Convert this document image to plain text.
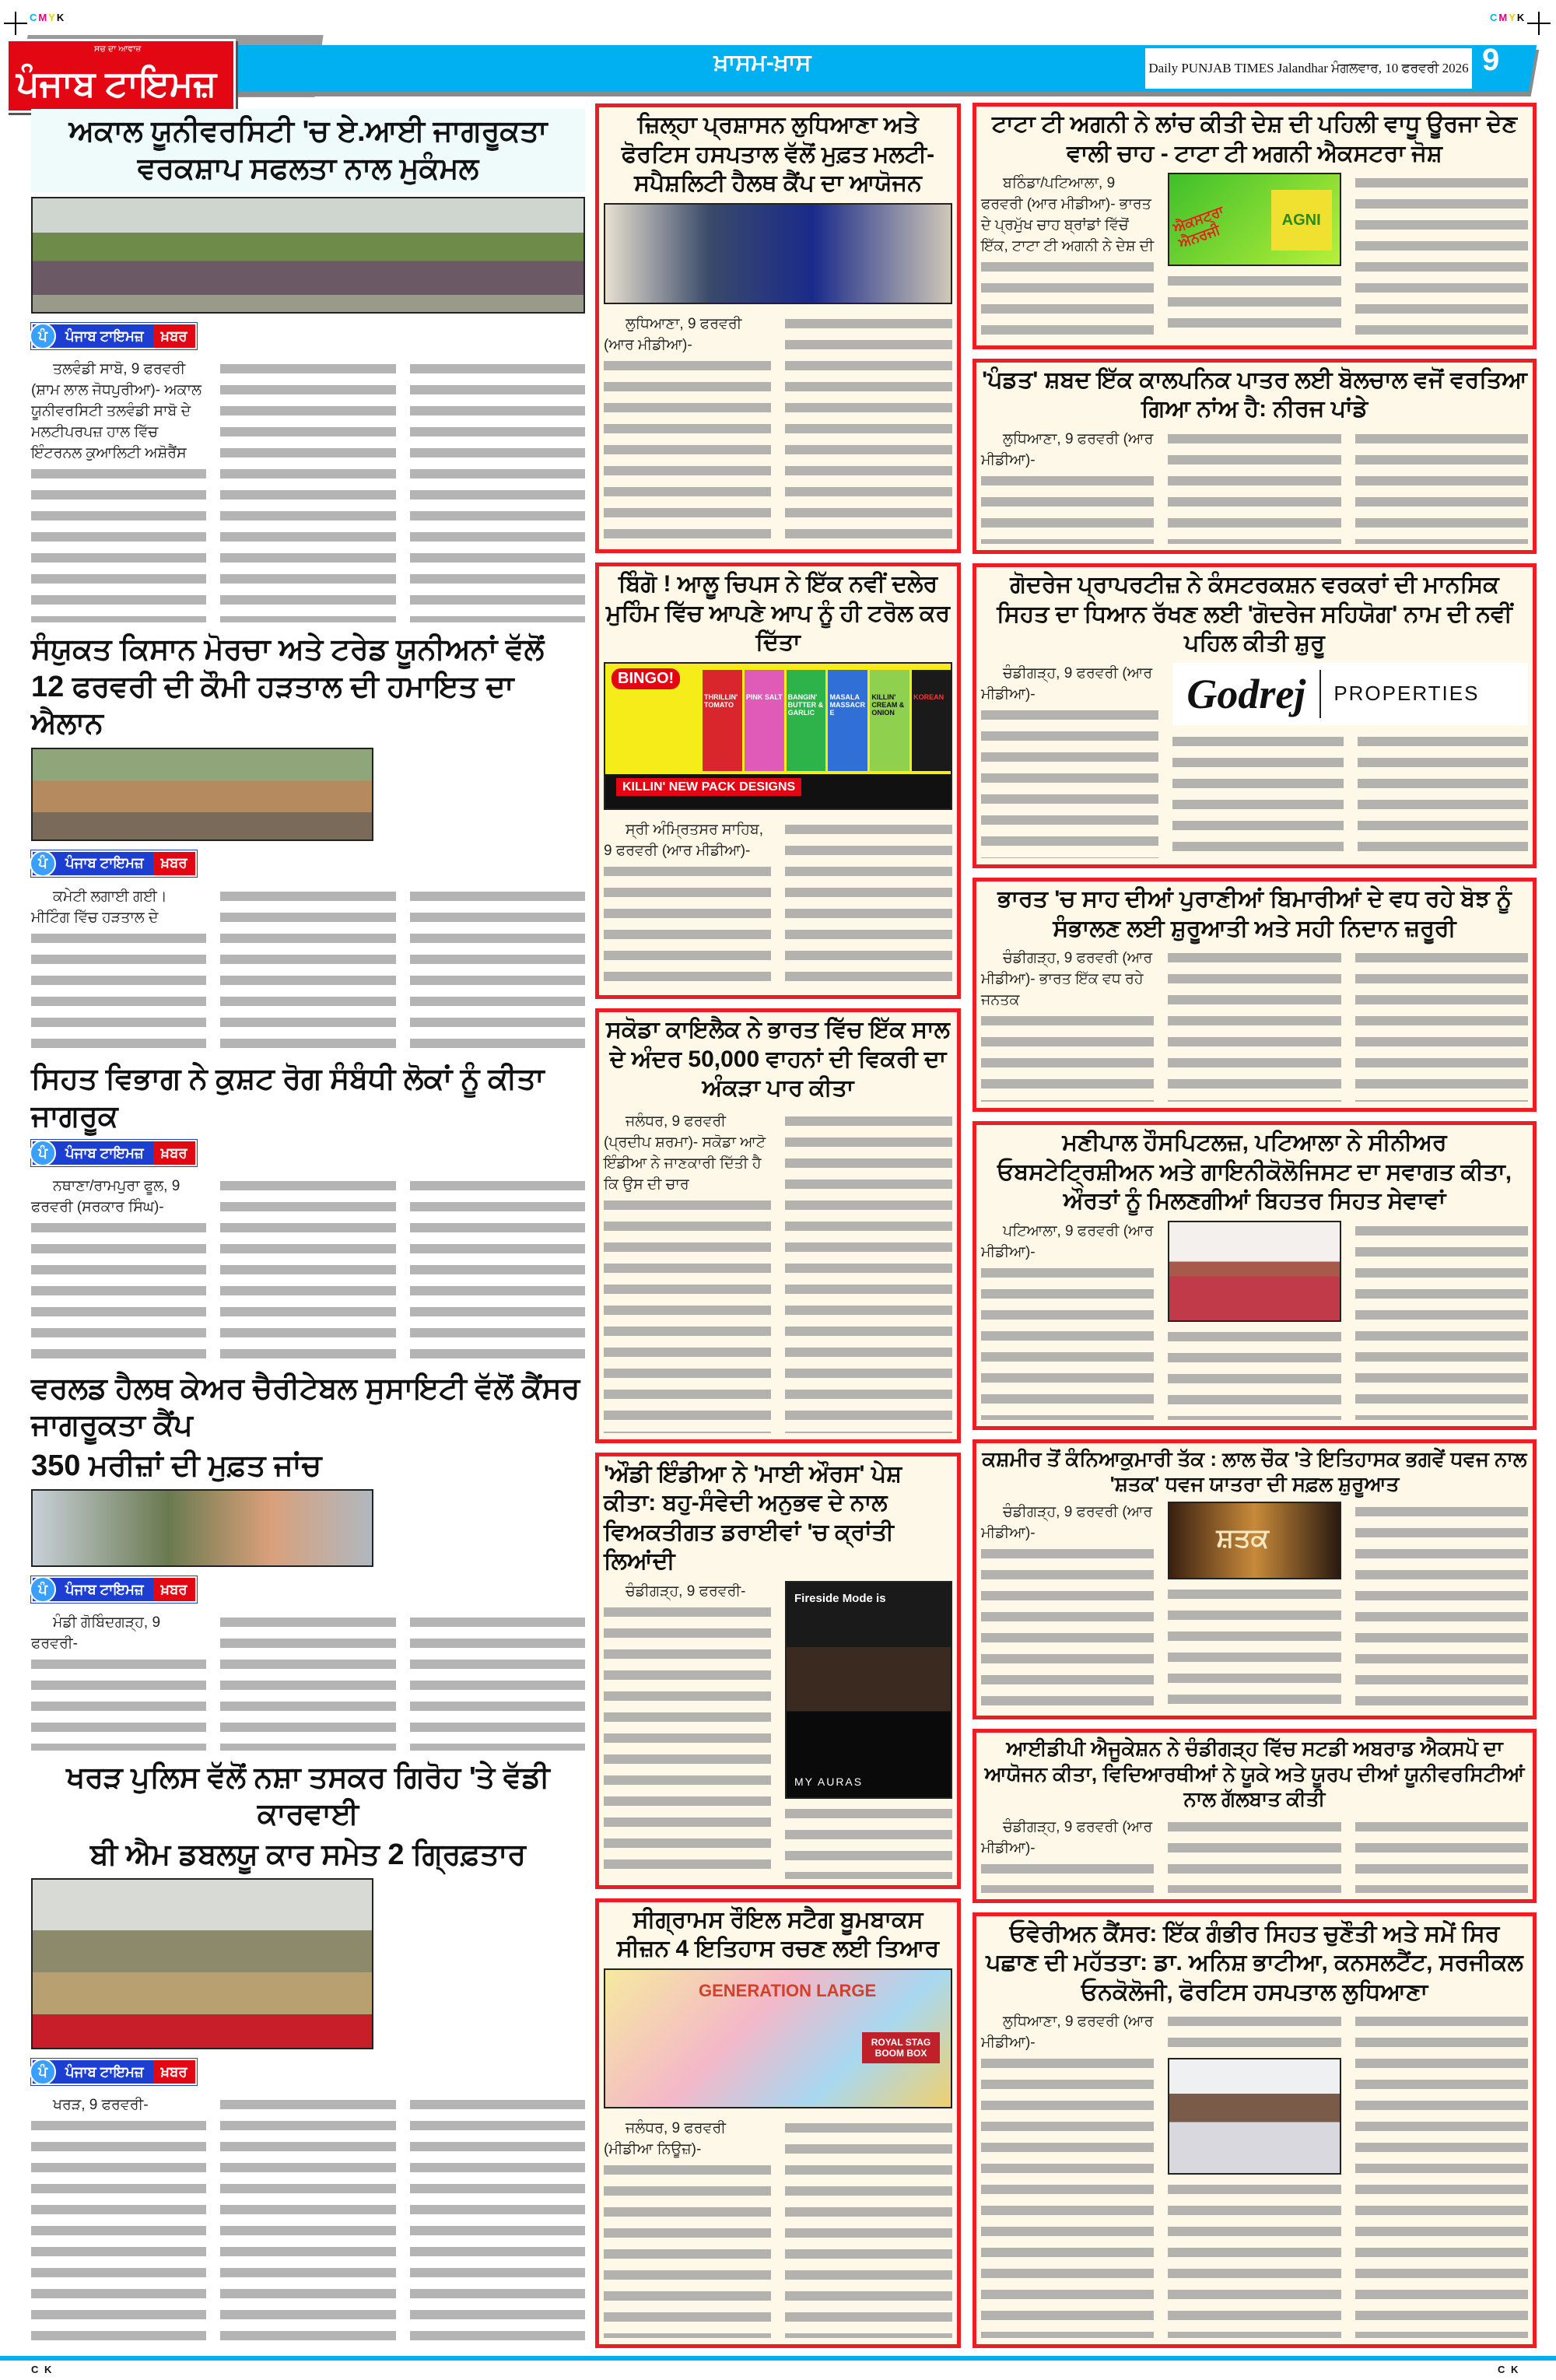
CMYK	CMYK
ਸਚ ਦਾ ਆਵਾਜ਼
ਪੰਜਾਬ ਟਾਇਮਜ਼
ਖ਼ਾਸਮ-ਖ਼ਾਸ	Daily PUNJAB TIMES Jalandhar ਮੰਗਲਵਾਰ, 10 ਫਰਵਰੀ 2026 9
ਅਕਾਲ ਯੂਨੀਵਰਸਿਟੀ 'ਚ ਏ.ਆਈ ਜਾਗਰੂਕਤਾ ਵਰਕਸ਼ਾਪ ਸਫਲਤਾ ਨਾਲ ਮੁਕੰਮਲ
ਪੰ	ਪੰਜਾਬ ਟਾਇਮਜ਼	ਖ਼ਬਰ
ਤਲਵੰਡੀ ਸਾਬੋ, 9 ਫਰਵਰੀ (ਸ਼ਾਮ ਲਾਲ ਜੋਧਪੁਰੀਆ)- ਅਕਾਲ ਯੂਨੀਵਰਸਿਟੀ ਤਲਵੰਡੀ ਸਾਬੋ ਦੇ ਮਲਟੀਪਰਪਜ਼ ਹਾਲ ਵਿੱਚ ਇੰਟਰਨਲ ਕੁਆਲਿਟੀ ਅਸ਼ੋਰੈਂਸ
ਸੰਯੁਕਤ ਕਿਸਾਨ ਮੋਰਚਾ ਅਤੇ ਟਰੇਡ ਯੂਨੀਅਨਾਂ ਵੱਲੋਂ 12 ਫਰਵਰੀ ਦੀ ਕੌਮੀ ਹੜਤਾਲ ਦੀ ਹਮਾਇਤ ਦਾ ਐਲਾਨ
ਪੰ	ਪੰਜਾਬ ਟਾਇਮਜ਼	ਖ਼ਬਰ
ਕਮੇਟੀ ਲਗਾਈ ਗਈ। ਮੀਟਿੰਗ ਵਿੱਚ ਹੜਤਾਲ ਦੇ
ਸਿਹਤ ਵਿਭਾਗ ਨੇ ਕੁਸ਼ਟ ਰੋਗ ਸੰਬੰਧੀ ਲੋਕਾਂ ਨੂੰ ਕੀਤਾ ਜਾਗਰੂਕ
ਪੰ	ਪੰਜਾਬ ਟਾਇਮਜ਼	ਖ਼ਬਰ
ਨਥਾਣਾ/ਰਾਮਪੁਰਾ ਫੂਲ, 9 ਫਰਵਰੀ (ਸਰਕਾਰ ਸਿੰਘ)-
ਵਰਲਡ ਹੈਲਥ ਕੇਅਰ ਚੈਰੀਟੇਬਲ ਸੁਸਾਇਟੀ ਵੱਲੋਂ ਕੈਂਸਰ ਜਾਗਰੂਕਤਾ ਕੈਂਪ
350 ਮਰੀਜ਼ਾਂ ਦੀ ਮੁਫ਼ਤ ਜਾਂਚ
ਪੰ	ਪੰਜਾਬ ਟਾਇਮਜ਼	ਖ਼ਬਰ
ਮੰਡੀ ਗੋਬਿੰਦਗੜ੍ਹ, 9 ਫਰਵਰੀ-
ਖਰੜ ਪੁਲਿਸ ਵੱਲੋਂ ਨਸ਼ਾ ਤਸਕਰ ਗਿਰੋਹ 'ਤੇ ਵੱਡੀ ਕਾਰਵਾਈ
ਬੀ ਐਮ ਡਬਲਯੂ ਕਾਰ ਸਮੇਤ 2 ਗ੍ਰਿਫ਼ਤਾਰ
ਪੰ	ਪੰਜਾਬ ਟਾਇਮਜ਼	ਖ਼ਬਰ
ਖਰੜ, 9 ਫਰਵਰੀ-
ਜ਼ਿਲ੍ਹਾ ਪ੍ਰਸ਼ਾਸਨ ਲੁਧਿਆਣਾ ਅਤੇ ਫੋਰਟਿਸ ਹਸਪਤਾਲ ਵੱਲੋਂ ਮੁਫ਼ਤ ਮਲਟੀ-ਸਪੈਸ਼ਲਿਟੀ ਹੈਲਥ ਕੈਂਪ ਦਾ ਆਯੋਜਨ
ਲੁਧਿਆਣਾ, 9 ਫਰਵਰੀ (ਆਰ ਮੀਡੀਆ)-
ਬਿੰਗੋ ! ਆਲੂ ਚਿਪਸ ਨੇ ਇੱਕ ਨਵੀਂ ਦਲੇਰ ਮੁਹਿੰਮ ਵਿੱਚ ਆਪਣੇ ਆਪ ਨੂੰ ਹੀ ਟਰੋਲ ਕਰ ਦਿੱਤਾ
BINGO!
THRILLIN' TOMATO
PINK SALT BANGIN' BUTTER & GARLIC
MASALA MASSACRE
KILLIN' CREAM & ONION
KOREAN
KILLIN' NEW PACK DESIGNS
ਸ੍ਰੀ ਅੰਮ੍ਰਿਤਸਰ ਸਾਹਿਬ, 9 ਫਰਵਰੀ (ਆਰ ਮੀਡੀਆ)-
ਸਕੋਡਾ ਕਾਇਲੈਕ ਨੇ ਭਾਰਤ ਵਿੱਚ ਇੱਕ ਸਾਲ ਦੇ ਅੰਦਰ 50,000 ਵਾਹਨਾਂ ਦੀ ਵਿਕਰੀ ਦਾ ਅੰਕੜਾ ਪਾਰ ਕੀਤਾ
ਜਲੰਧਰ, 9 ਫਰਵਰੀ (ਪ੍ਰਦੀਪ ਸ਼ਰਮਾ)- ਸਕੋਡਾ ਆਟੋ ਇੰਡੀਆ ਨੇ ਜਾਣਕਾਰੀ ਦਿੱਤੀ ਹੈ ਕਿ ਉਸ ਦੀ ਚਾਰ
'ਔਡੀ ਇੰਡੀਆ ਨੇ 'ਮਾਈ ਔਰਸ' ਪੇਸ਼ ਕੀਤਾ: ਬਹੁ-ਸੰਵੇਦੀ ਅਨੁਭਵ ਦੇ ਨਾਲ ਵਿਅਕਤੀਗਤ ਡਰਾਈਵਾਂ 'ਚ ਕ੍ਰਾਂਤੀ ਲਿਆਂਦੀ
ਚੰਡੀਗੜ੍ਹ, 9 ਫਰਵਰੀ-	Fireside Mode is
MY AURAS
ਸੀਗ੍ਰਾਮਸ ਰੌਇਲ ਸਟੈਗ ਬੂਮਬਾਕਸ ਸੀਜ਼ਨ 4 ਇਤਿਹਾਸ ਰਚਣ ਲਈ ਤਿਆਰ
GENERATION LARGE
ROYAL STAG BOOM BOX
ਜਲੰਧਰ, 9 ਫਰਵਰੀ (ਮੀਡੀਆ ਨਿਊਜ਼)-
ਟਾਟਾ ਟੀ ਅਗਨੀ ਨੇ ਲਾਂਚ ਕੀਤੀ ਦੇਸ਼ ਦੀ ਪਹਿਲੀ ਵਾਧੂ ਊਰਜਾ ਦੇਣ ਵਾਲੀ ਚਾਹ - ਟਾਟਾ ਟੀ ਅਗਨੀ ਐਕਸਟਰਾ ਜੋਸ਼
ਬਠਿੰਡਾ/ਪਟਿਆਲਾ, 9 ਫਰਵਰੀ (ਆਰ ਮੀਡੀਆ)- ਭਾਰਤ ਦੇ ਪ੍ਰਮੁੱਖ ਚਾਹ ਬ੍ਰਾਂਡਾਂ ਵਿੱਚੋਂ ਇੱਕ, ਟਾਟਾ ਟੀ ਅਗਨੀ ਨੇ ਦੇਸ਼ ਦੀ
ਐਕਸਟ੍ਰਾ ਐਨਰਜੀ
AGNI
'ਪੰਡਤ' ਸ਼ਬਦ ਇੱਕ ਕਾਲਪਨਿਕ ਪਾਤਰ ਲਈ ਬੋਲਚਾਲ ਵਜੋਂ ਵਰਤਿਆ ਗਿਆ ਨਾਂਅ ਹੈ: ਨੀਰਜ ਪਾਂਡੇ
ਲੁਧਿਆਣਾ, 9 ਫਰਵਰੀ (ਆਰ ਮੀਡੀਆ)-
ਗੋਦਰੇਜ ਪ੍ਰਾਪਰਟੀਜ਼ ਨੇ ਕੰਸਟਰਕਸ਼ਨ ਵਰਕਰਾਂ ਦੀ ਮਾਨਸਿਕ ਸਿਹਤ ਦਾ ਧਿਆਨ ਰੱਖਣ ਲਈ 'ਗੋਦਰੇਜ ਸਹਿਯੋਗ' ਨਾਮ ਦੀ ਨਵੀਂ ਪਹਿਲ ਕੀਤੀ ਸ਼ੁਰੂ
ਚੰਡੀਗੜ੍ਹ, 9 ਫਰਵਰੀ (ਆਰ ਮੀਡੀਆ)-	Godrej	PROPERTIES
ਭਾਰਤ 'ਚ ਸਾਹ ਦੀਆਂ ਪੁਰਾਣੀਆਂ ਬਿਮਾਰੀਆਂ ਦੇ ਵਧ ਰਹੇ ਬੋਝ ਨੂੰ ਸੰਭਾਲਣ ਲਈ ਸ਼ੁਰੂਆਤੀ ਅਤੇ ਸਹੀ ਨਿਦਾਨ ਜ਼ਰੂਰੀ
ਚੰਡੀਗੜ੍ਹ, 9 ਫਰਵਰੀ (ਆਰ ਮੀਡੀਆ)- ਭਾਰਤ ਇੱਕ ਵਧ ਰਹੇ ਜਨਤਕ
ਮਣੀਪਾਲ ਹੌਸਪਿਟਲਜ਼, ਪਟਿਆਲਾ ਨੇ ਸੀਨੀਅਰ ਓਬਸਟੇਟ੍ਰਿਸ਼ੀਅਨ ਅਤੇ ਗਾਇਨੀਕੋਲੋਜਿਸਟ ਦਾ ਸਵਾਗਤ ਕੀਤਾ, ਔਰਤਾਂ ਨੂੰ ਮਿਲਣਗੀਆਂ ਬਿਹਤਰ ਸਿਹਤ ਸੇਵਾਵਾਂ
ਪਟਿਆਲਾ, 9 ਫਰਵਰੀ (ਆਰ ਮੀਡੀਆ)-
ਕਸ਼ਮੀਰ ਤੋਂ ਕੰਨਿਆਕੁਮਾਰੀ ਤੱਕ : ਲਾਲ ਚੌਕ 'ਤੇ ਇਤਿਹਾਸਕ ਭਗਵੇਂ ਧਵਜ ਨਾਲ 'ਸ਼ਤਕ' ਧਵਜ ਯਾਤਰਾ ਦੀ ਸਫ਼ਲ ਸ਼ੁਰੂਆਤ
ਚੰਡੀਗੜ੍ਹ, 9 ਫਰਵਰੀ (ਆਰ ਮੀਡੀਆ)-	ਸ਼ਤਕ
ਆਈਡੀਪੀ ਐਜੂਕੇਸ਼ਨ ਨੇ ਚੰਡੀਗੜ੍ਹ ਵਿੱਚ ਸਟਡੀ ਅਬਰਾਡ ਐਕਸਪੋ ਦਾ ਆਯੋਜਨ ਕੀਤਾ, ਵਿਦਿਆਰਥੀਆਂ ਨੇ ਯੂਕੇ ਅਤੇ ਯੂਰਪ ਦੀਆਂ ਯੂਨੀਵਰਸਿਟੀਆਂ ਨਾਲ ਗੱਲਬਾਤ ਕੀਤੀ
ਚੰਡੀਗੜ੍ਹ, 9 ਫਰਵਰੀ (ਆਰ ਮੀਡੀਆ)-
ਓਵੇਰੀਅਨ ਕੈਂਸਰ: ਇੱਕ ਗੰਭੀਰ ਸਿਹਤ ਚੁਣੌਤੀ ਅਤੇ ਸਮੇਂ ਸਿਰ ਪਛਾਣ ਦੀ ਮਹੱਤਤਾ: ਡਾ. ਅਨਿਸ਼ ਭਾਟੀਆ, ਕਨਸਲਟੈਂਟ, ਸਰਜੀਕਲ ਓਨਕੋਲੋਜੀ, ਫੋਰਟਿਸ ਹਸਪਤਾਲ ਲੁਧਿਆਣਾ
ਲੁਧਿਆਣਾ, 9 ਫਰਵਰੀ (ਆਰ ਮੀਡੀਆ)-
C K	C K
